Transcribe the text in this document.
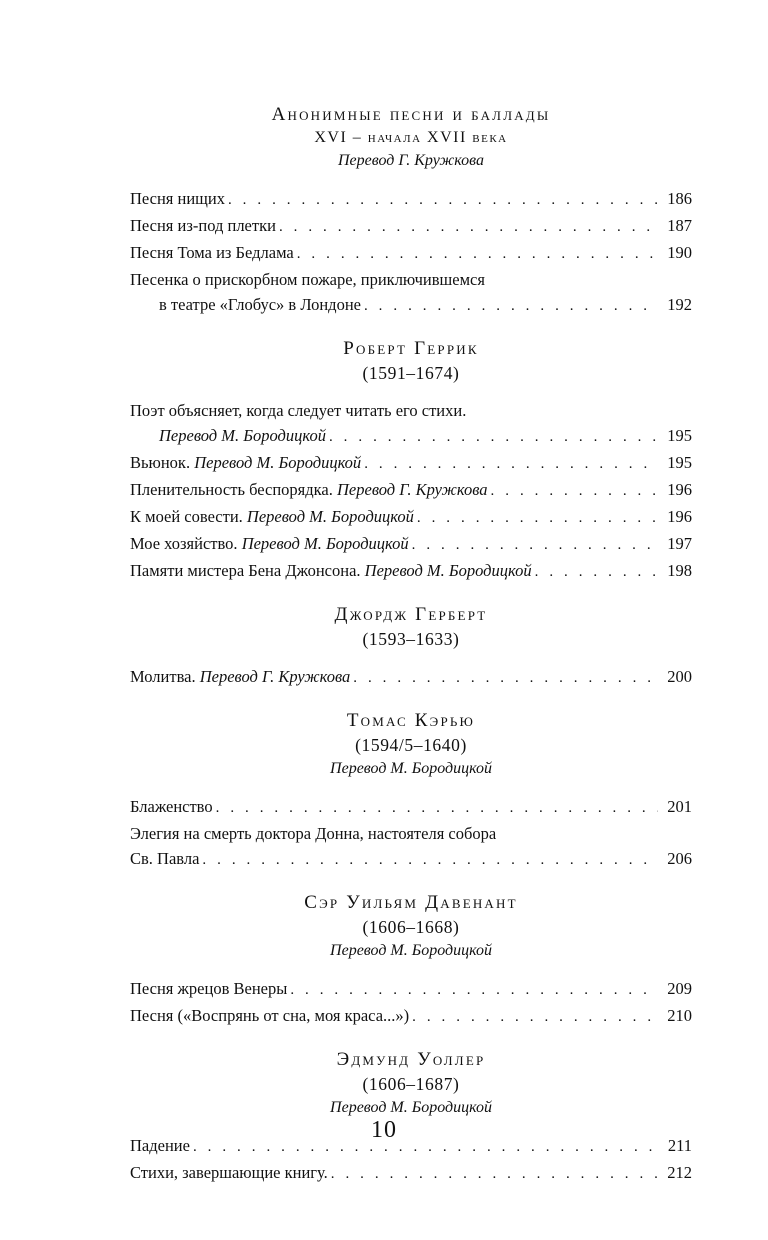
Анонимные песни и баллады
XVI – начала XVII века
Перевод Г. Кружкова
Песня нищих . . .	186
Песня из-под плетки . . .	187
Песня Тома из Бедлама . . .	190
Песенка о прискорбном пожаре, приключившемся
в театре «Глобус» в Лондоне . . .	192
Роберт Геррик
(1591–1674)
Поэт объясняет, когда следует читать его стихи.
Перевод М. Бородицкой . . .	195
Вьюнок. Перевод М. Бородицкой . . .	195
Пленительность беспорядка. Перевод Г. Кружкова . . .	196
К моей совести. Перевод М. Бородицкой . . .	196
Мое хозяйство. Перевод М. Бородицкой . . .	197
Памяти мистера Бена Джонсона. Перевод М. Бородицкой . . .	198
Джордж Герберт
(1593–1633)
Молитва. Перевод Г. Кружкова . . .	200
Томас Кэрью
(1594/5–1640)
Перевод М. Бородицкой
Блаженство . . .	201
Элегия на смерть доктора Донна, настоятеля собора
Св. Павла . . .	206
Сэр Уильям Давенант
(1606–1668)
Перевод М. Бородицкой
Песня жрецов Венеры . . .	209
Песня («Воспрянь от сна, моя краса...») . . .	210
Эдмунд Уоллер
(1606–1687)
Перевод М. Бородицкой
Падение . . .	211
Стихи, завершающие книгу. . . .	212
10
